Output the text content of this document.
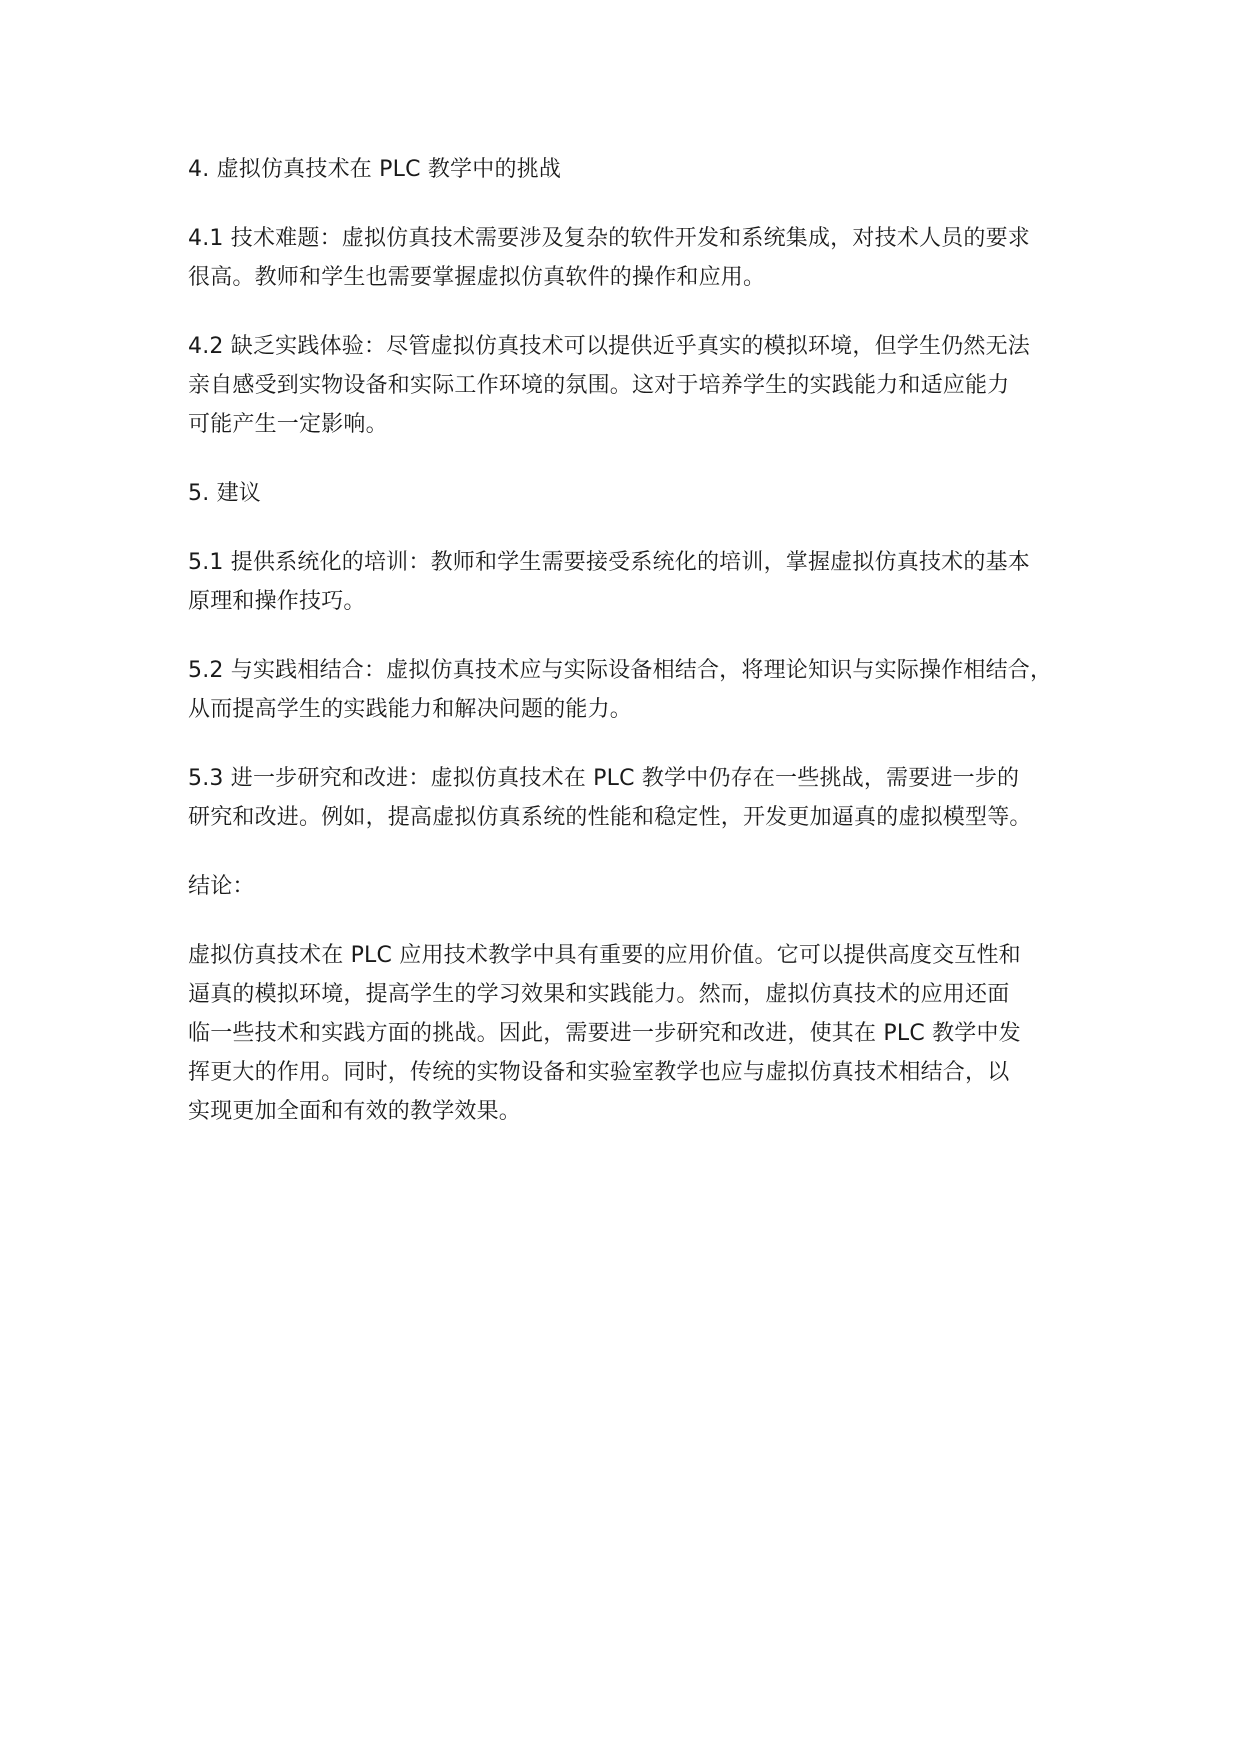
4. 虚拟仿真技术在 PLC 教学中的挑战

4.1 技术难题：虚拟仿真技术需要涉及复杂的软件开发和系统集成，对技术人员的要求
很高。教师和学生也需要掌握虚拟仿真软件的操作和应用。

4.2 缺乏实践体验：尽管虚拟仿真技术可以提供近乎真实的模拟环境，但学生仍然无法
亲自感受到实物设备和实际工作环境的氛围。这对于培养学生的实践能力和适应能力
可能产生一定影响。

5. 建议

5.1 提供系统化的培训：教师和学生需要接受系统化的培训，掌握虚拟仿真技术的基本
原理和操作技巧。

5.2 与实践相结合：虚拟仿真技术应与实际设备相结合，将理论知识与实际操作相结合，
从而提高学生的实践能力和解决问题的能力。

5.3 进一步研究和改进：虚拟仿真技术在 PLC 教学中仍存在一些挑战，需要进一步的
研究和改进。例如，提高虚拟仿真系统的性能和稳定性，开发更加逼真的虚拟模型等。

结论：

虚拟仿真技术在 PLC 应用技术教学中具有重要的应用价值。它可以提供高度交互性和
逼真的模拟环境，提高学生的学习效果和实践能力。然而，虚拟仿真技术的应用还面
临一些技术和实践方面的挑战。因此，需要进一步研究和改进，使其在 PLC 教学中发
挥更大的作用。同时，传统的实物设备和实验室教学也应与虚拟仿真技术相结合，以
实现更加全面和有效的教学效果。
